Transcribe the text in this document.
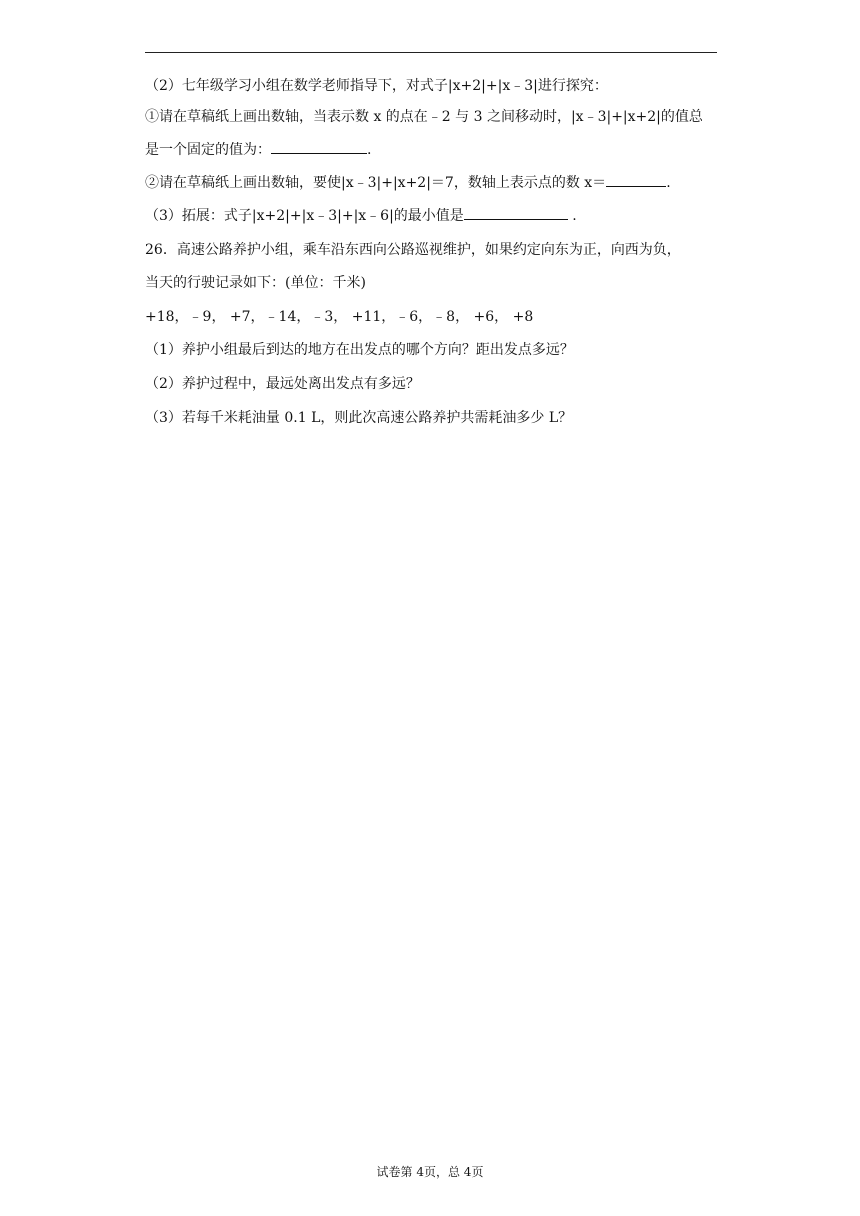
（2）七年级学习小组在数学老师指导下，对式子|x+2|+|x﹣3|进行探究：
①请在草稿纸上画出数轴，当表示数 x 的点在﹣2 与 3 之间移动时，|x﹣3|+|x+2|的值总
是一个固定的值为：	.
②请在草稿纸上画出数轴，要使|x﹣3|+|x+2|＝7，数轴上表示点的数 x＝	.
（3）拓展：式子|x+2|+|x﹣3|+|x﹣6|的最小值是	.
26．高速公路养护小组，乘车沿东西向公路巡视维护，如果约定向东为正，向西为负，
当天的行驶记录如下：(单位：千米)
+18，﹣9， +7，﹣14，﹣3， +11，﹣6，﹣8， +6， +8
（1）养护小组最后到达的地方在出发点的哪个方向？距出发点多远？
（2）养护过程中，最远处离出发点有多远？
（3）若每千米耗油量 0.1 L，则此次高速公路养护共需耗油多少 L？
试卷第 4页，总 4页
